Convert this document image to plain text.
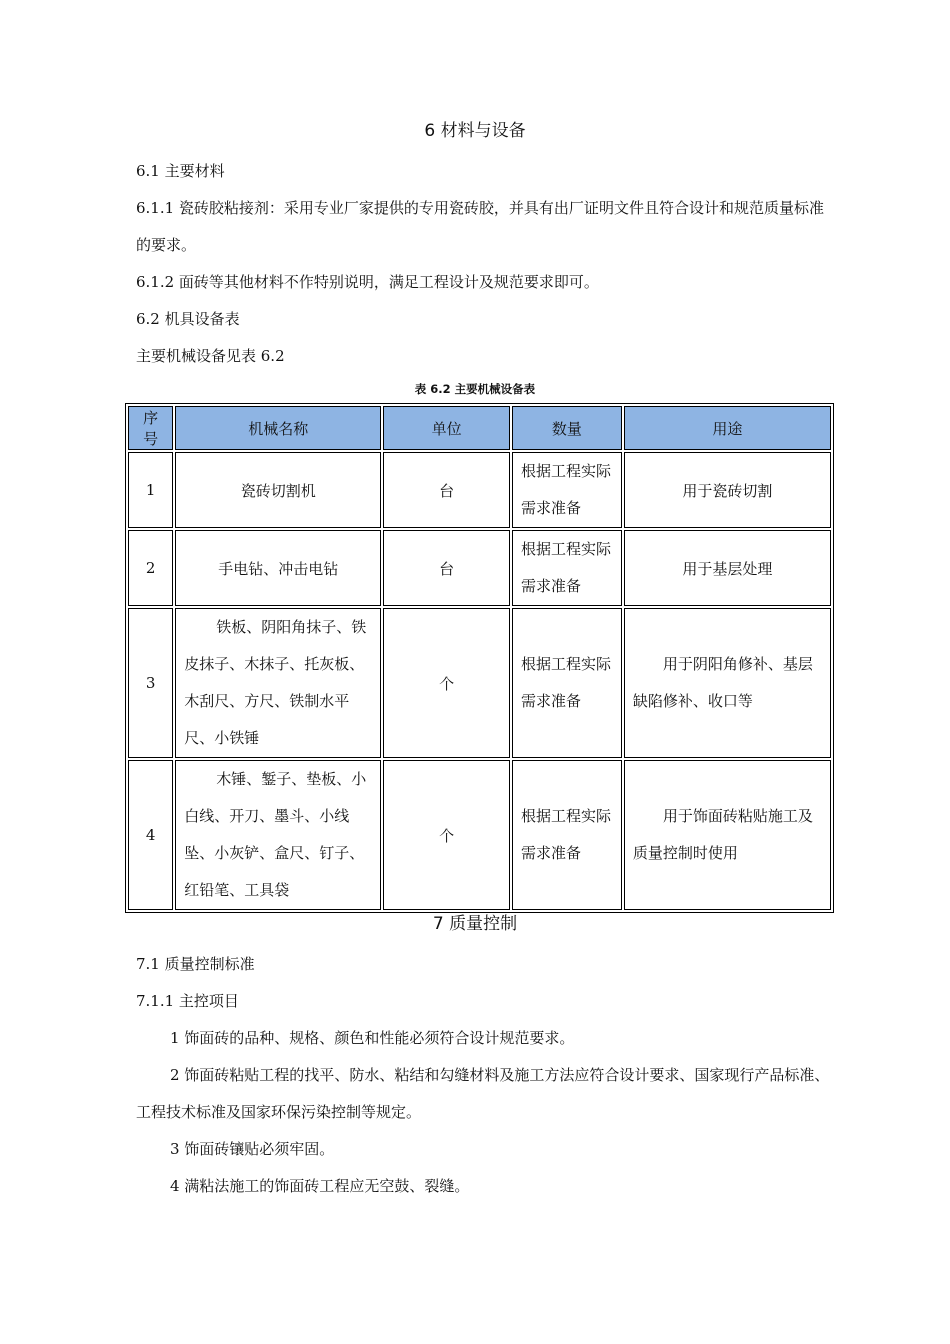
6 材料与设备

6.1 主要材料

6.1.1 瓷砖胶粘接剂：采用专业厂家提供的专用瓷砖胶，并具有出厂证明文件且符合设计和规范质量标准的要求。

6.1.2 面砖等其他材料不作特别说明，满足工程设计及规范要求即可。

6.2 机具设备表

主要机械设备见表 6.2

表 6.2 主要机械设备表
序号	机械名称	单位	数量	用途
1	瓷砖切割机	台	根据工程实际需求准备	用于瓷砖切割
2	手电钻、冲击电钻	台	根据工程实际需求准备	用于基层处理
3	铁板、阴阳角抹子、铁皮抹子、木抹子、托灰板、木刮尺、方尺、铁制水平尺、小铁锤	个	根据工程实际需求准备	用于阴阳角修补、基层缺陷修补、收口等
4	木锤、錾子、垫板、小白线、开刀、墨斗、小线坠、小灰铲、盒尺、钉子、红铅笔、工具袋	个	根据工程实际需求准备	用于饰面砖粘贴施工及质量控制时使用
7 质量控制

7.1 质量控制标准

7.1.1 主控项目

1 饰面砖的品种、规格、颜色和性能必须符合设计规范要求。

2 饰面砖粘贴工程的找平、防水、粘结和勾缝材料及施工方法应符合设计要求、国家现行产品标准、工程技术标准及国家环保污染控制等规定。

3 饰面砖镶贴必须牢固。

4 满粘法施工的饰面砖工程应无空鼓、裂缝。
